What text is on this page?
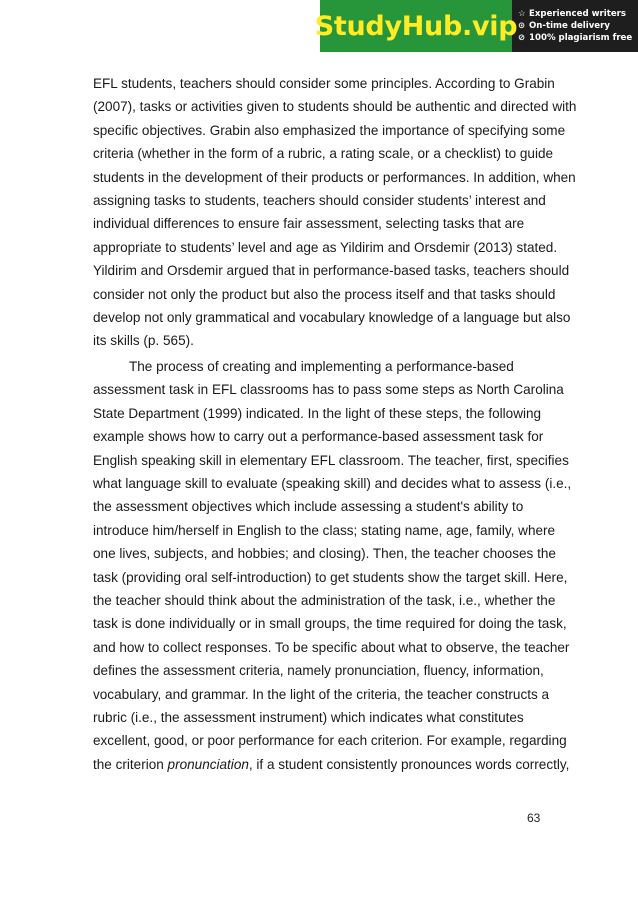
StudyHub.vip ☆ Experienced writers
⊙ On-time delivery
⊘ 100% plagiarism free

EFL students, teachers should consider some principles. According to Grabin
(2007), tasks or activities given to students should be authentic and directed with
specific objectives. Grabin also emphasized the importance of specifying some
criteria (whether in the form of a rubric, a rating scale, or a checklist) to guide
students in the development of their products or performances. In addition, when
assigning tasks to students, teachers should consider students’ interest and
individual differences to ensure fair assessment, selecting tasks that are
appropriate to students’ level and age as Yildirim and Orsdemir (2013) stated.
Yildirim and Orsdemir argued that in performance-based tasks, teachers should
consider not only the product but also the process itself and that tasks should
develop not only grammatical and vocabulary knowledge of a language but also
its skills (p. 565).

The process of creating and implementing a performance-based
assessment task in EFL classrooms has to pass some steps as North Carolina
State Department (1999) indicated. In the light of these steps, the following
example shows how to carry out a performance-based assessment task for
English speaking skill in elementary EFL classroom. The teacher, first, specifies
what language skill to evaluate (speaking skill) and decides what to assess (i.e.,
the assessment objectives which include assessing a student's ability to
introduce him/herself in English to the class; stating name, age, family, where
one lives, subjects, and hobbies; and closing). Then, the teacher chooses the
task (providing oral self-introduction) to get students show the target skill. Here,
the teacher should think about the administration of the task, i.e., whether the
task is done individually or in small groups, the time required for doing the task,
and how to collect responses. To be specific about what to observe, the teacher
defines the assessment criteria, namely pronunciation, fluency, information,
vocabulary, and grammar. In the light of the criteria, the teacher constructs a
rubric (i.e., the assessment instrument) which indicates what constitutes
excellent, good, or poor performance for each criterion. For example, regarding
the criterion pronunciation, if a student consistently pronounces words correctly,

63
